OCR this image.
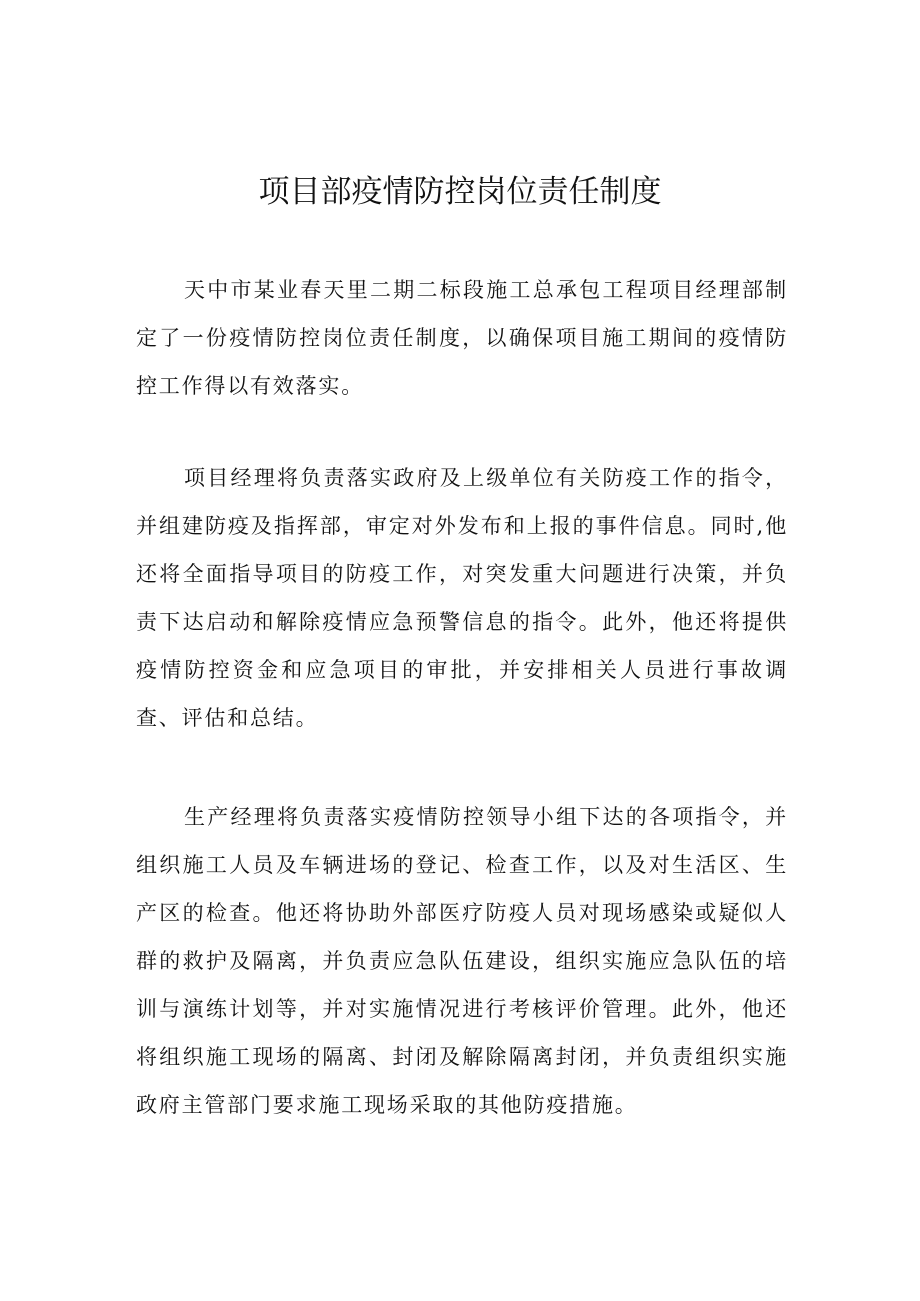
项目部疫情防控岗位责任制度

天中市某业春天里二期二标段施工总承包工程项目经理部制定了一份疫情防控岗位责任制度，以确保项目施工期间的疫情防控工作得以有效落实。

项目经理将负责落实政府及上级单位有关防疫工作的指令，并组建防疫及指挥部，审定对外发布和上报的事件信息。同时,他还将全面指导项目的防疫工作，对突发重大问题进行决策，并负责下达启动和解除疫情应急预警信息的指令。此外，他还将提供疫情防控资金和应急项目的审批，并安排相关人员进行事故调查、评估和总结。

生产经理将负责落实疫情防控领导小组下达的各项指令，并组织施工人员及车辆进场的登记、检查工作，以及对生活区、生产区的检查。他还将协助外部医疗防疫人员对现场感染或疑似人群的救护及隔离，并负责应急队伍建设，组织实施应急队伍的培训与演练计划等，并对实施情况进行考核评价管理。此外，他还将组织施工现场的隔离、封闭及解除隔离封闭，并负责组织实施政府主管部门要求施工现场采取的其他防疫措施。
